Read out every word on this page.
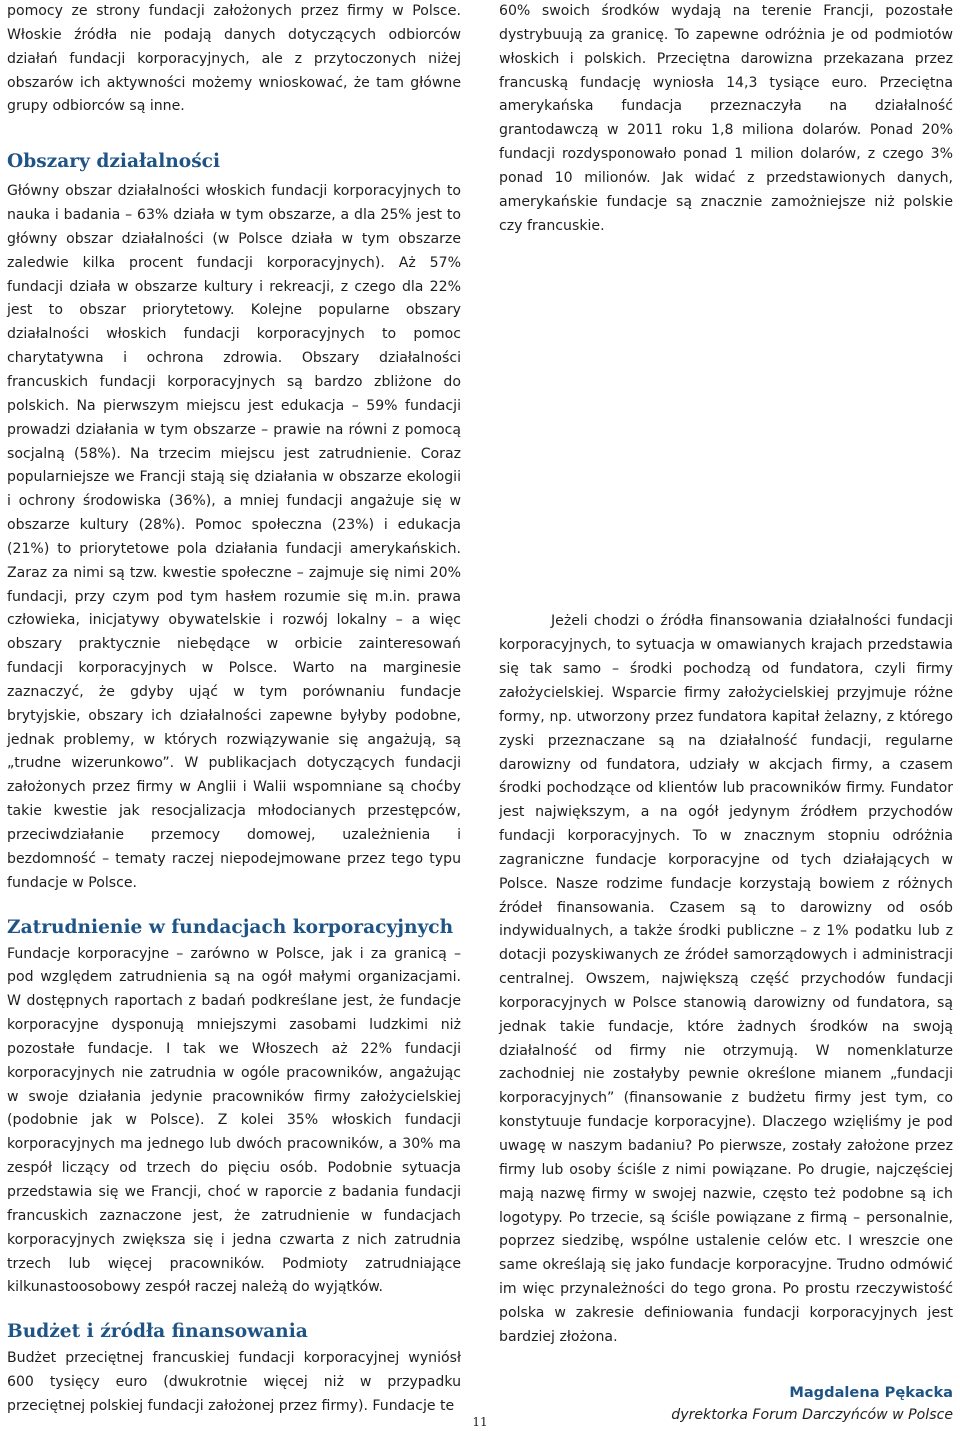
pomocy ze strony fundacji założonych przez firmy w Polsce. Włoskie źródła nie podają danych dotyczących odbiorców działań fundacji korporacyjnych, ale z przytoczonych niżej obszarów ich aktywności możemy wnioskować, że tam główne grupy odbiorców są inne.

Obszary działalności

Główny obszar działalności włoskich fundacji korporacyjnych to nauka i badania – 63% działa w tym obszarze, a dla 25% jest to główny obszar działalności (w Polsce działa w tym obszarze zaledwie kilka procent fundacji korporacyjnych). Aż 57% fundacji działa w obszarze kultury i rekreacji, z czego dla 22% jest to obszar priorytetowy. Kolejne popularne obszary działalności włoskich fundacji korporacyjnych to pomoc charytatywna i ochrona zdrowia. Obszary działalności francuskich fundacji korporacyjnych są bardzo zbliżone do polskich. Na pierwszym miejscu jest edukacja – 59% fundacji prowadzi działania w tym obszarze – prawie na równi z pomocą socjalną (58%). Na trzecim miejscu jest zatrudnienie. Coraz popularniejsze we Francji stają się działania w obszarze ekologii i ochrony środowiska (36%), a mniej fundacji angażuje się w obszarze kultury (28%). Pomoc społeczna (23%) i edukacja (21%) to priorytetowe pola działania fundacji amerykańskich. Zaraz za nimi są tzw. kwestie społeczne – zajmuje się nimi 20% fundacji, przy czym pod tym hasłem rozumie się m.in. prawa człowieka, inicjatywy obywatelskie i rozwój lokalny – a więc obszary praktycznie niebędące w orbicie zainteresowań fundacji korporacyjnych w Polsce. Warto na marginesie zaznaczyć, że gdyby ująć w tym porównaniu fundacje brytyjskie, obszary ich działalności zapewne byłyby podobne, jednak problemy, w których rozwiązywanie się angażują, są „trudne wizerunkowo”. W publikacjach dotyczących fundacji założonych przez firmy w Anglii i Walii wspomniane są choćby takie kwestie jak resocjalizacja młodocianych przestępców, przeciwdziałanie przemocy domowej, uzależnienia i bezdomność – tematy raczej niepodejmowane przez tego typu fundacje w Polsce.

Zatrudnienie w fundacjach korporacyjnych

Fundacje korporacyjne – zarówno w Polsce, jak i za granicą – pod względem zatrudnienia są na ogół małymi organizacjami. W dostępnych raportach z badań podkreślane jest, że fundacje korporacyjne dysponują mniejszymi zasobami ludzkimi niż pozostałe fundacje. I tak we Włoszech aż 22% fundacji korporacyjnych nie zatrudnia w ogóle pracowników, angażując w swoje działania jedynie pracowników firmy założycielskiej (podobnie jak w Polsce). Z kolei 35% włoskich fundacji korporacyjnych ma jednego lub dwóch pracowników, a 30% ma zespół liczący od trzech do pięciu osób. Podobnie sytuacja przedstawia się we Francji, choć w raporcie z badania fundacji francuskich zaznaczone jest, że zatrudnienie w fundacjach korporacyjnych zwiększa się i jedna czwarta z nich zatrudnia trzech lub więcej pracowników. Podmioty zatrudniające kilkunastoosobowy zespół raczej należą do wyjątków.

Budżet i źródła finansowania

Budżet przeciętnej francuskiej fundacji korporacyjnej wyniósł 600 tysięcy euro (dwukrotnie więcej niż w przypadku przeciętnej polskiej fundacji założonej przez firmy). Fundacje te

60% swoich środków wydają na terenie Francji, pozostałe dystrybuują za granicę. To zapewne odróżnia je od podmiotów włoskich i polskich. Przeciętna darowizna przekazana przez francuską fundację wyniosła 14,3 tysiące euro. Przeciętna amerykańska fundacja przeznaczyła na działalność grantodawczą w 2011 roku 1,8 miliona dolarów. Ponad 20% fundacji rozdysponowało ponad 1 milion dolarów, z czego 3% ponad 10 milionów. Jak widać z przedstawionych danych, amerykańskie fundacje są znacznie zamożniejsze niż polskie czy francuskie.

Jeżeli chodzi o źródła finansowania działalności fundacji korporacyjnych, to sytuacja w omawianych krajach przedstawia się tak samo – środki pochodzą od fundatora, czyli firmy założycielskiej. Wsparcie firmy założycielskiej przyjmuje różne formy, np. utworzony przez fundatora kapitał żelazny, z którego zyski przeznaczane są na działalność fundacji, regularne darowizny od fundatora, udziały w akcjach firmy, a czasem środki pochodzące od klientów lub pracowników firmy. Fundator jest największym, a na ogół jedynym źródłem przychodów fundacji korporacyjnych. To w znacznym stopniu odróżnia zagraniczne fundacje korporacyjne od tych działających w Polsce. Nasze rodzime fundacje korzystają bowiem z różnych źródeł finansowania. Czasem są to darowizny od osób indywidualnych, a także środki publiczne – z 1% podatku lub z dotacji pozyskiwanych ze źródeł samorządowych i administracji centralnej. Owszem, największą część przychodów fundacji korporacyjnych w Polsce stanowią darowizny od fundatora, są jednak takie fundacje, które żadnych środków na swoją działalność od firmy nie otrzymują. W nomenklaturze zachodniej nie zostałyby pewnie określone mianem „fundacji korporacyjnych” (finansowanie z budżetu firmy jest tym, co konstytuuje fundacje korporacyjne). Dlaczego wzięliśmy je pod uwagę w naszym badaniu? Po pierwsze, zostały założone przez firmy lub osoby ściśle z nimi powiązane. Po drugie, najczęściej mają nazwę firmy w swojej nazwie, często też podobne są ich logotypy. Po trzecie, są ściśle powiązane z firmą – personalnie, poprzez siedzibę, wspólne ustalenie celów etc. I wreszcie one same określają się jako fundacje korporacyjne. Trudno odmówić im więc przynależności do tego grona. Po prostu rzeczywistość polska w zakresie definiowania fundacji korporacyjnych jest bardziej złożona.

Magdalena Pękacka
dyrektorka Forum Darczyńców w Polsce
11
